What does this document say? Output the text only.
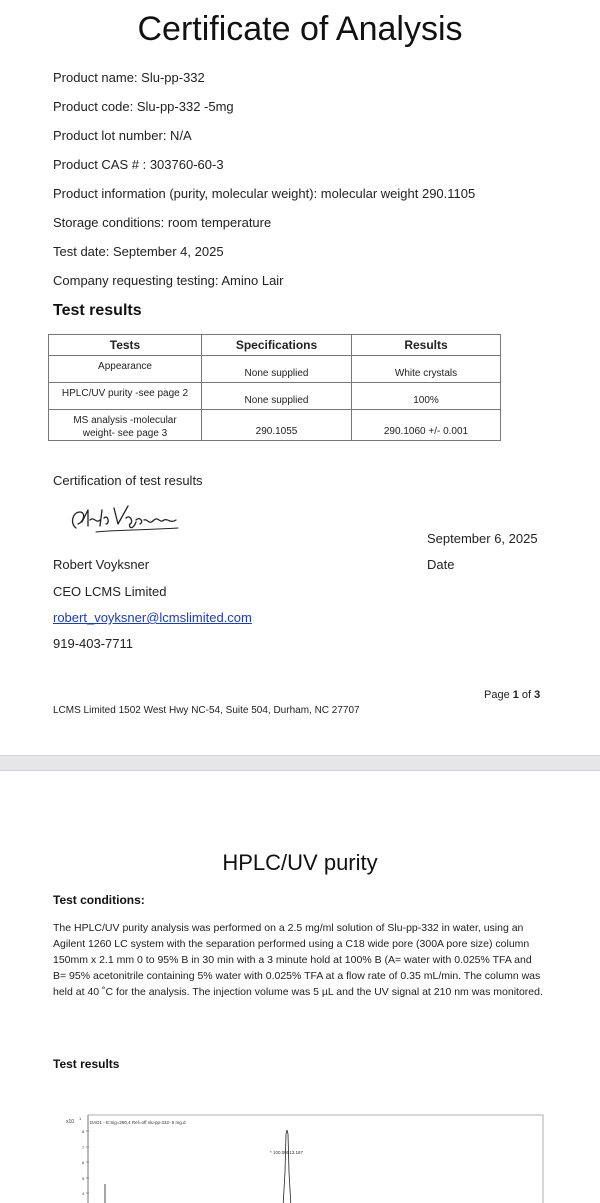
Certificate of Analysis
Product name: Slu-pp-332
Product code: Slu-pp-332 -5mg
Product lot number: N/A
Product CAS # : 303760-60-3
Product information (purity, molecular weight): molecular weight 290.1105
Storage conditions: room temperature
Test date: September 4, 2025
Company requesting testing: Amino Lair
Test results
Tests	Specifications	Results
Appearance	None supplied	White crystals
HPLC/UV purity -see page 2	None supplied	100%
MS analysis -molecular weight- see page 3	290.1055	290.1060 +/- 0.001
Certification of test results
September 6, 2025
Robert Voyksner	Date
CEO LCMS Limited
robert_voyksner@lcmslimited.com
919-403-7711
Page 1 of 3
LCMS Limited 1502 West Hwy NC-54, Suite 504, Durham, NC 27707
HPLC/UV purity
Test conditions:
The HPLC/UV purity analysis was performed on a 2.5 mg/ml solution of Slu-pp-332 in water, using an Agilent 1260 LC system with the separation performed using a C18 wide pore (300A pore size) column 150mm x 2.1 mm 0 to 95% B in 30 min with a 3 minute hold at 100% B (A= water with 0.025% TFA and B= 95% acetonitrile containing 5% water with 0.025% TFA at a flow rate of 0.35 mL/min. The column was held at 40 ˚C for the analysis. The injection volume was 5 µL and the UV signal at 210 nm was monitored.
Test results
x10
1
DAD1 - E:Sig=280,4 Ref=off slu-pp-332- 5 mg.d
8
7
6
5
4
* 100.00013.187
